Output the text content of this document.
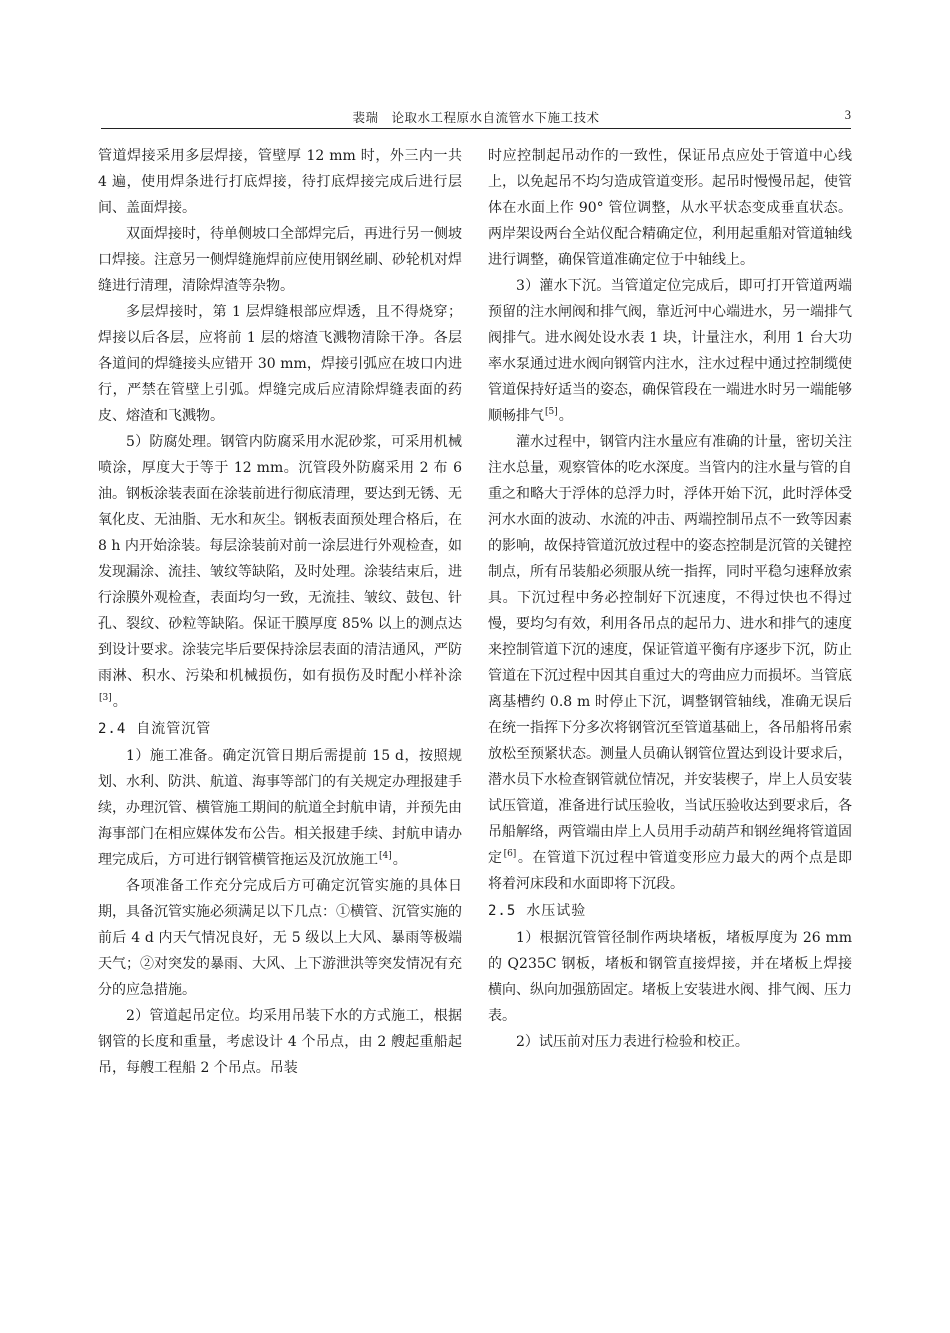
裴瑞　论取水工程原水自流管水下施工技术	3

管道焊接采用多层焊接，管壁厚 12 mm 时，外三内一共 4 遍，使用焊条进行打底焊接，待打底焊接完成后进行层间、盖面焊接。

双面焊接时，待单侧坡口全部焊完后，再进行另一侧坡口焊接。注意另一侧焊缝施焊前应使用钢丝刷、砂轮机对焊缝进行清理，清除焊渣等杂物。

多层焊接时，第 1 层焊缝根部应焊透，且不得烧穿；焊接以后各层，应将前 1 层的熔渣飞溅物清除干净。各层各道间的焊缝接头应错开 30 mm，焊接引弧应在坡口内进行，严禁在管壁上引弧。焊缝完成后应清除焊缝表面的药皮、熔渣和飞溅物。

5）防腐处理。钢管内防腐采用水泥砂浆，可采用机械喷涂，厚度大于等于 12 mm。沉管段外防腐采用 2 布 6 油。钢板涂装表面在涂装前进行彻底清理，要达到无锈、无氧化皮、无油脂、无水和灰尘。钢板表面预处理合格后，在 8 h 内开始涂装。每层涂装前对前一涂层进行外观检查，如发现漏涂、流挂、皱纹等缺陷，及时处理。涂装结束后，进行涂膜外观检查，表面均匀一致，无流挂、皱纹、鼓包、针孔、裂纹、砂粒等缺陷。保证干膜厚度 85% 以上的测点达到设计要求。涂装完毕后要保持涂层表面的清洁通风，严防雨淋、积水、污染和机械损伤，如有损伤及时配小样补涂[3]。

2.4 自流管沉管

1）施工准备。确定沉管日期后需提前 15 d，按照规划、水利、防洪、航道、海事等部门的有关规定办理报建手续，办理沉管、横管施工期间的航道全封航申请，并预先由海事部门在相应媒体发布公告。相关报建手续、封航申请办理完成后，方可进行钢管横管拖运及沉放施工[4]。

各项准备工作充分完成后方可确定沉管实施的具体日期，具备沉管实施必须满足以下几点：①横管、沉管实施的前后 4 d 内天气情况良好，无 5 级以上大风、暴雨等极端天气；②对突发的暴雨、大风、上下游泄洪等突发情况有充分的应急措施。

2）管道起吊定位。均采用吊装下水的方式施工，根据钢管的长度和重量，考虑设计 4 个吊点，由 2 艘起重船起吊，每艘工程船 2 个吊点。吊装

时应控制起吊动作的一致性，保证吊点应处于管道中心线上，以免起吊不均匀造成管道变形。起吊时慢慢吊起，使管体在水面上作 90° 管位调整，从水平状态变成垂直状态。两岸架设两台全站仪配合精确定位，利用起重船对管道轴线进行调整，确保管道准确定位于中轴线上。

3）灌水下沉。当管道定位完成后，即可打开管道两端预留的注水闸阀和排气阀，靠近河中心端进水，另一端排气阀排气。进水阀处设水表 1 块，计量注水，利用 1 台大功率水泵通过进水阀向钢管内注水，注水过程中通过控制缆使管道保持好适当的姿态，确保管段在一端进水时另一端能够顺畅排气[5]。

灌水过程中，钢管内注水量应有准确的计量，密切关注注水总量，观察管体的吃水深度。当管内的注水量与管的自重之和略大于浮体的总浮力时，浮体开始下沉，此时浮体受河水水面的波动、水流的冲击、两端控制吊点不一致等因素的影响，故保持管道沉放过程中的姿态控制是沉管的关键控制点，所有吊装船必须服从统一指挥，同时平稳匀速释放索具。下沉过程中务必控制好下沉速度，不得过快也不得过慢，要均匀有效，利用各吊点的起吊力、进水和排气的速度来控制管道下沉的速度，保证管道平衡有序逐步下沉，防止管道在下沉过程中因其自重过大的弯曲应力而损坏。当管底离基槽约 0.8 m 时停止下沉，调整钢管轴线，准确无误后在统一指挥下分多次将钢管沉至管道基础上，各吊船将吊索放松至预紧状态。测量人员确认钢管位置达到设计要求后，潜水员下水检查钢管就位情况，并安装楔子，岸上人员安装试压管道，准备进行试压验收，当试压验收达到要求后，各吊船解络，两管端由岸上人员用手动葫芦和钢丝绳将管道固定[6]。在管道下沉过程中管道变形应力最大的两个点是即将着河床段和水面即将下沉段。

2.5 水压试验

1）根据沉管管径制作两块堵板，堵板厚度为 26 mm 的 Q235C 钢板，堵板和钢管直接焊接，并在堵板上焊接横向、纵向加强筋固定。堵板上安装进水阀、排气阀、压力表。

2）试压前对压力表进行检验和校正。
